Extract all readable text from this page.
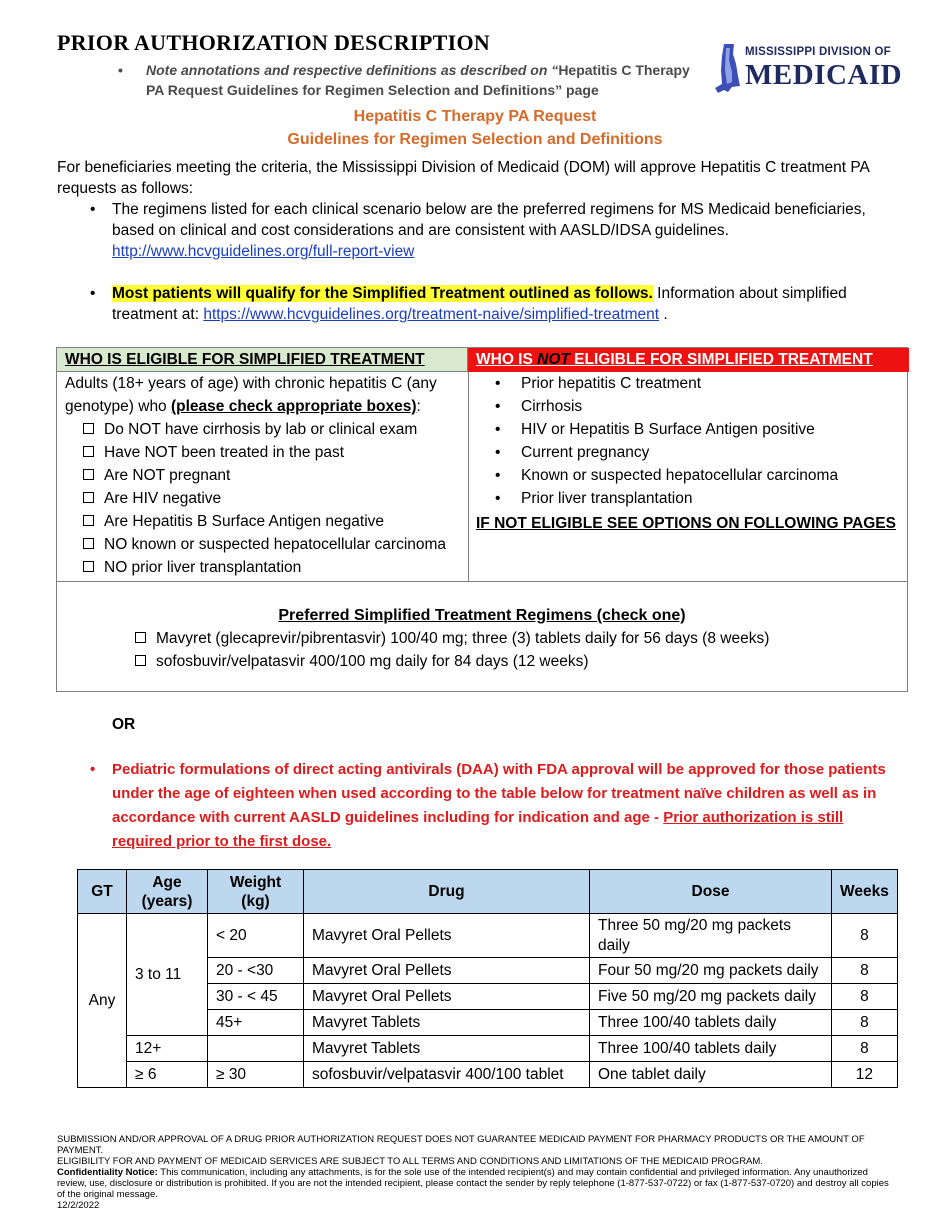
PRIOR AUTHORIZATION DESCRIPTION
•	Note annotations and respective definitions as described on “Hepatitis C Therapy PA Request Guidelines for Regimen Selection and Definitions” page
MISSISSIPPI DIVISION OF
MEDICAID
Hepatitis C Therapy PA Request
Guidelines for Regimen Selection and Definitions
For beneficiaries meeting the criteria, the Mississippi Division of Medicaid (DOM) will approve Hepatitis C treatment PA requests as follows:
• The regimens listed for each clinical scenario below are the preferred regimens for MS Medicaid beneficiaries, based on clinical and cost considerations and are consistent with AASLD/IDSA guidelines.
http://www.hcvguidelines.org/full-report-view
• Most patients will qualify for the Simplified Treatment outlined as follows. Information about simplified treatment at: https://www.hcvguidelines.org/treatment-naive/simplified-treatment .
WHO IS ELIGIBLE FOR SIMPLIFIED TREATMENT	WHO IS NOT ELIGIBLE FOR SIMPLIFIED TREATMENT
Adults (18+ years of age) with chronic hepatitis C (any
genotype) who (please check appropriate boxes):
Do NOT have cirrhosis by lab or clinical exam
Have NOT been treated in the past
Are NOT pregnant
Are HIV negative
Are Hepatitis B Surface Antigen negative
NO known or suspected hepatocellular carcinoma
NO prior liver transplantation
• Prior hepatitis C treatment
• Cirrhosis
• HIV or Hepatitis B Surface Antigen positive
• Current pregnancy
• Known or suspected hepatocellular carcinoma
• Prior liver transplantation
IF NOT ELIGIBLE SEE OPTIONS ON FOLLOWING PAGES
Preferred Simplified Treatment Regimens (check one)
Mavyret (glecaprevir/pibrentasvir) 100/40 mg; three (3) tablets daily for 56 days (8 weeks)
sofosbuvir/velpatasvir 400/100 mg daily for 84 days (12 weeks)
OR
• Pediatric formulations of direct acting antivirals (DAA) with FDA approval will be approved for those patients under the age of eighteen when used according to the table below for treatment naïve children as well as in accordance with current AASLD guidelines including for indication and age - Prior authorization is still required prior to the first dose.
GT	Age (years)	Weight (kg)	Drug	Dose	Weeks
Any	3 to 11	< 20	Mavyret Oral Pellets	Three 50 mg/20 mg packets daily	8
		20 - <30	Mavyret Oral Pellets	Four 50 mg/20 mg packets daily	8
		30 - < 45	Mavyret Oral Pellets	Five 50 mg/20 mg packets daily	8
		45+	Mavyret Tablets	Three 100/40 tablets daily	8
	12+		Mavyret Tablets	Three 100/40 tablets daily	8
	≥ 6	≥ 30	sofosbuvir/velpatasvir 400/100 tablet	One tablet daily	12
SUBMISSION AND/OR APPROVAL OF A DRUG PRIOR AUTHORIZATION REQUEST DOES NOT GUARANTEE MEDICAID PAYMENT FOR PHARMACY PRODUCTS OR THE AMOUNT OF PAYMENT.
ELIGIBILITY FOR AND PAYMENT OF MEDICAID SERVICES ARE SUBJECT TO ALL TERMS AND CONDITIONS AND LIMITATIONS OF THE MEDICAID PROGRAM.
Confidentiality Notice: This communication, including any attachments, is for the sole use of the intended recipient(s) and may contain confidential and privileged information. Any unauthorized review, use, disclosure or distribution is prohibited. If you are not the intended recipient, please contact the sender by reply telephone (1-877-537-0722) or fax (1-877-537-0720) and destroy all copies of the original message.
12/2/2022
